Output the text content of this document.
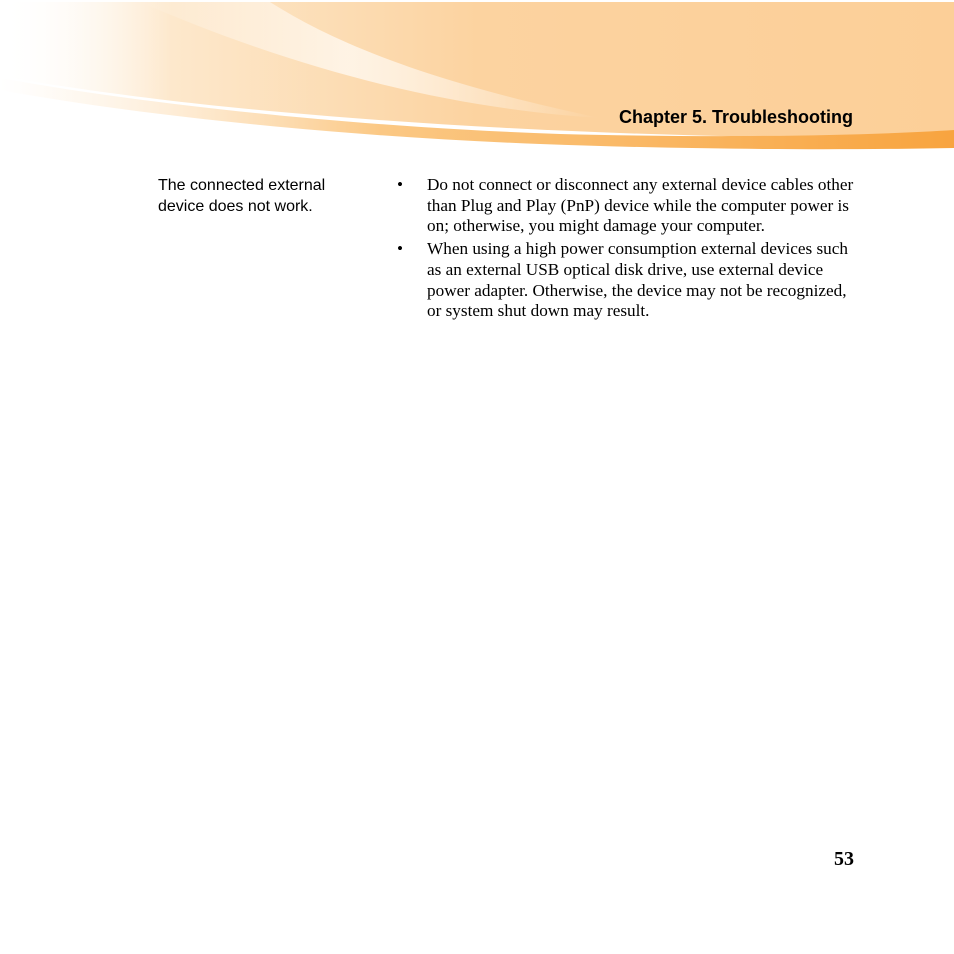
Chapter 5. Troubleshooting
The connected external device does not work.
• Do not connect or disconnect any external device cables other than Plug and Play (PnP) device while the computer power is on; otherwise, you might damage your computer.
• When using a high power consumption external devices such as an external USB optical disk drive, use external device power adapter. Otherwise, the device may not be recognized, or system shut down may result.
53
